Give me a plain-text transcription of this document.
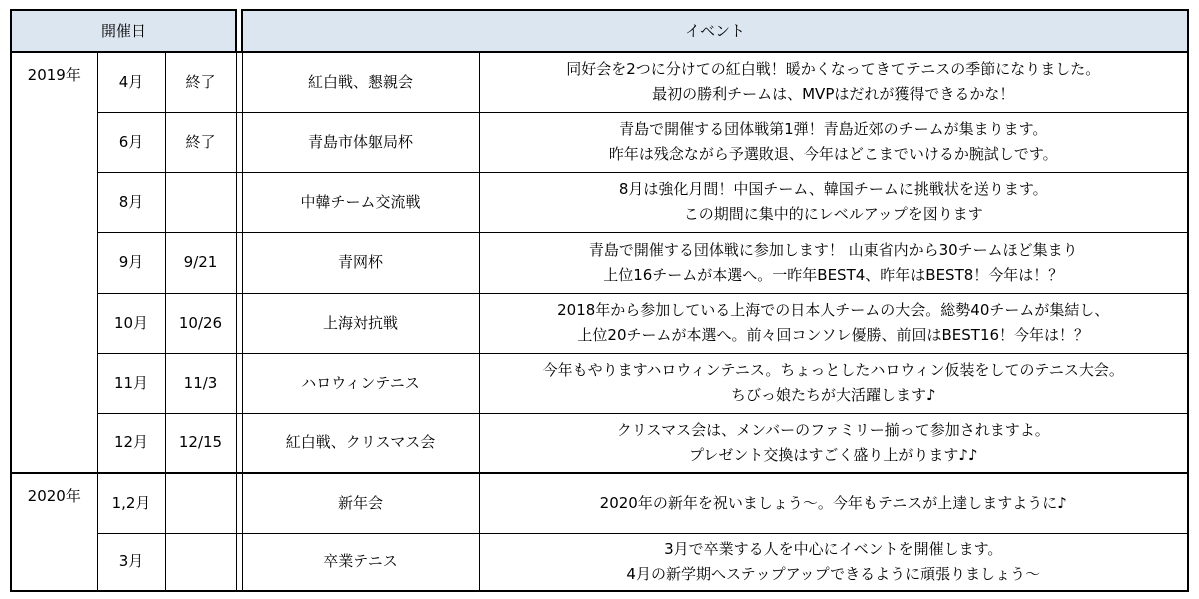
開催日				イベント	
2019年	4月	終了		紅白戦、懇親会	同好会を2つに分けての紅白戦！暖かくなってきてテニスの季節になりました。
最初の勝利チームは、MVPはだれが獲得できるかな！

	6月	終了		青島市体躯局杯	青島で開催する団体戦第1弾！青島近郊のチームが集まります。
昨年は残念ながら予選敗退、今年はどこまでいけるか腕試しです。

	8月			中韓チーム交流戦	8月は強化月間！中国チーム、韓国チームに挑戦状を送ります。
この期間に集中的にレベルアップを図ります

	9月	9/21		青网杯	青島で開催する団体戦に参加します！ 山東省内から30チームほど集まり
上位16チームが本選へ。一昨年BEST4、昨年はBEST8！今年は！？

	10月	10/26		上海対抗戦	2018年から参加している上海での日本人チームの大会。総勢40チームが集結し、
上位20チームが本選へ。前々回コンソレ優勝、前回はBEST16！今年は！？

	11月	11/3		ハロウィンテニス	今年もやりますハロウィンテニス。ちょっとしたハロウィン仮装をしてのテニス大会。
ちびっ娘たちが大活躍します♪

	12月	12/15		紅白戦、クリスマス会	クリスマス会は、メンバーのファミリー揃って参加されますよ。
プレゼント交換はすごく盛り上がります♪♪

2020年	1,2月			新年会	2020年の新年を祝いましょう～。今年もテニスが上達しますように♪

	3月			卒業テニス	3月で卒業する人を中心にイベントを開催します。
4月の新学期へステップアップできるように頑張りましょう～
